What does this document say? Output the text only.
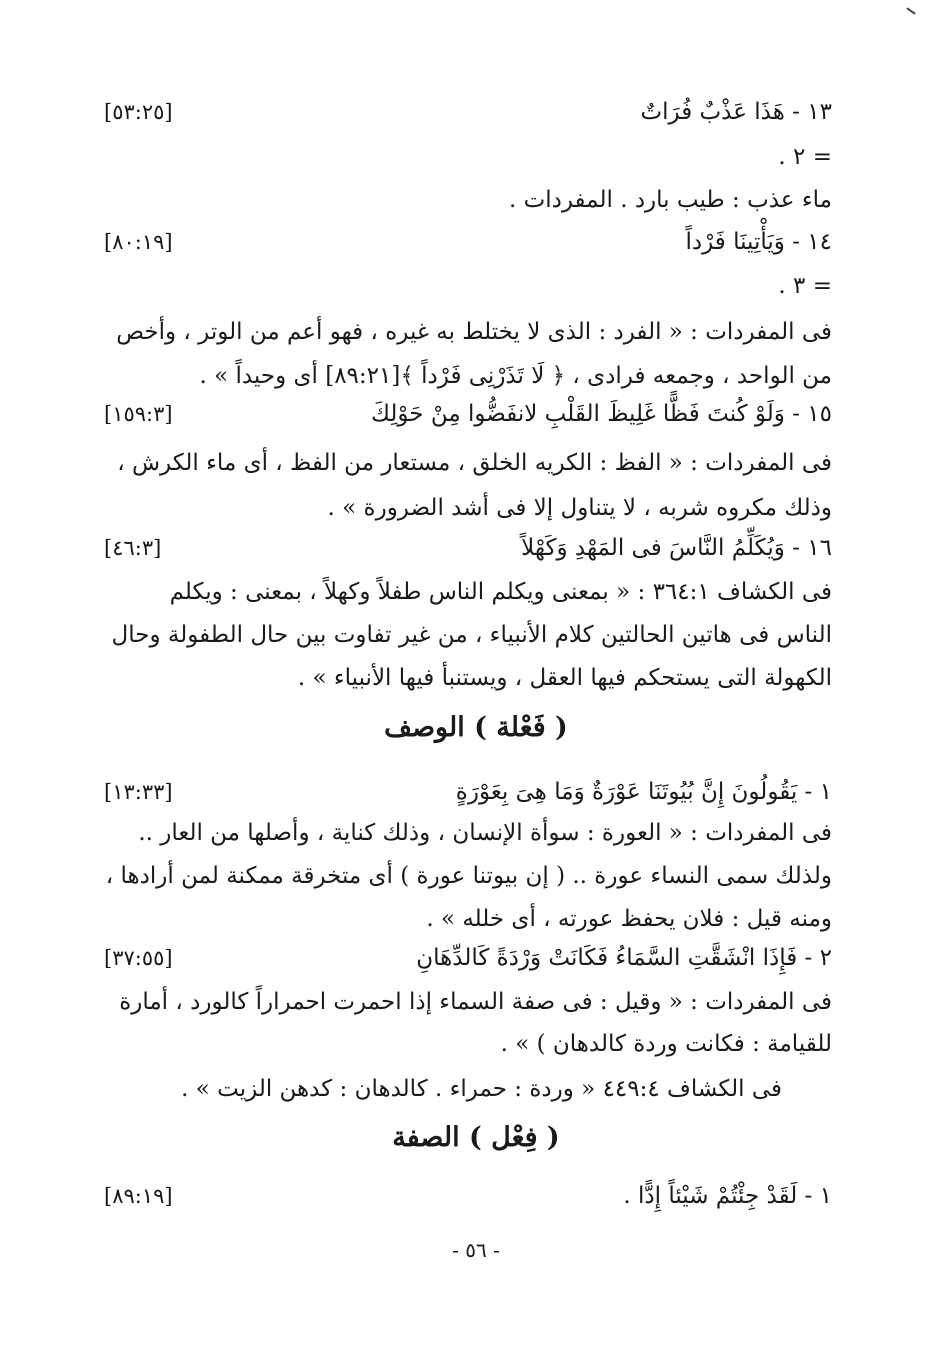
١٣ - هَذَا عَذْبٌ فُرَاتٌ
[٥٣:٢٥]
= ٢ .
ماء عذب : طيب بارد . المفردات .
١٤ - وَيَأْتِينَا فَرْداً
[٨٠:١٩]
= ٣ .
فى المفردات : « الفرد : الذى لا يختلط به غيره ، فهو أعم من الوتر ، وأخص
من الواحد ، وجمعه فرادى ، ﴿ لَا تَذَرْنِى فَرْداً ﴾[٨٩:٢١] أى وحيداً » .
١٥ - وَلَوْ كُنتَ فَظًّا غَلِيظَ القَلْبِ لانفَضُّوا مِنْ حَوْلِكَ
[١٥٩:٣]
فى المفردات : « الفظ : الكريه الخلق ، مستعار من الفظ ، أى ماء الكرش ،
وذلك مكروه شربه ، لا يتناول إلا فى أشد الضرورة » .
١٦ - وَيُكَلِّمُ النَّاسَ فى المَهْدِ وَكَهْلاً
[٤٦:٣]
فى الكشاف ٣٦٤:١ : « بمعنى ويكلم الناس طفلاً وكهلاً ، بمعنى : ويكلم
الناس فى هاتين الحالتين كلام الأنبياء ، من غير تفاوت بين حال الطفولة وحال
الكهولة التى يستحكم فيها العقل ، ويستنبأ فيها الأنبياء » .
( فَعْلة ) الوصف
١ - يَقُولُونَ إِنَّ بُيُوتَنَا عَوْرَةٌ وَمَا هِىَ بِعَوْرَةٍ
[١٣:٣٣]
فى المفردات : « العورة : سوأة الإنسان ، وذلك كناية ، وأصلها من العار ..
ولذلك سمى النساء عورة .. ( إن بيوتنا عورة ) أى متخرقة ممكنة لمن أرادها ،
ومنه قيل : فلان يحفظ عورته ، أى خلله » .
٢ - فَإِذَا انْشَقَّتِ السَّمَاءُ فَكَانَتْ وَرْدَةً كَالدِّهَانِ
[٣٧:٥٥]
فى المفردات : « وقيل : فى صفة السماء إذا احمرت احمراراً كالورد ، أمارة
للقيامة : فكانت وردة كالدهان ) » .
فى الكشاف ٤٤٩:٤ « وردة : حمراء . كالدهان : كدهن الزيت » .
( فِعْل ) الصفة
١ - لَقَدْ جِئْتُمْ شَيْئاً إِدًّا .
[٨٩:١٩]
- ٥٦ -
